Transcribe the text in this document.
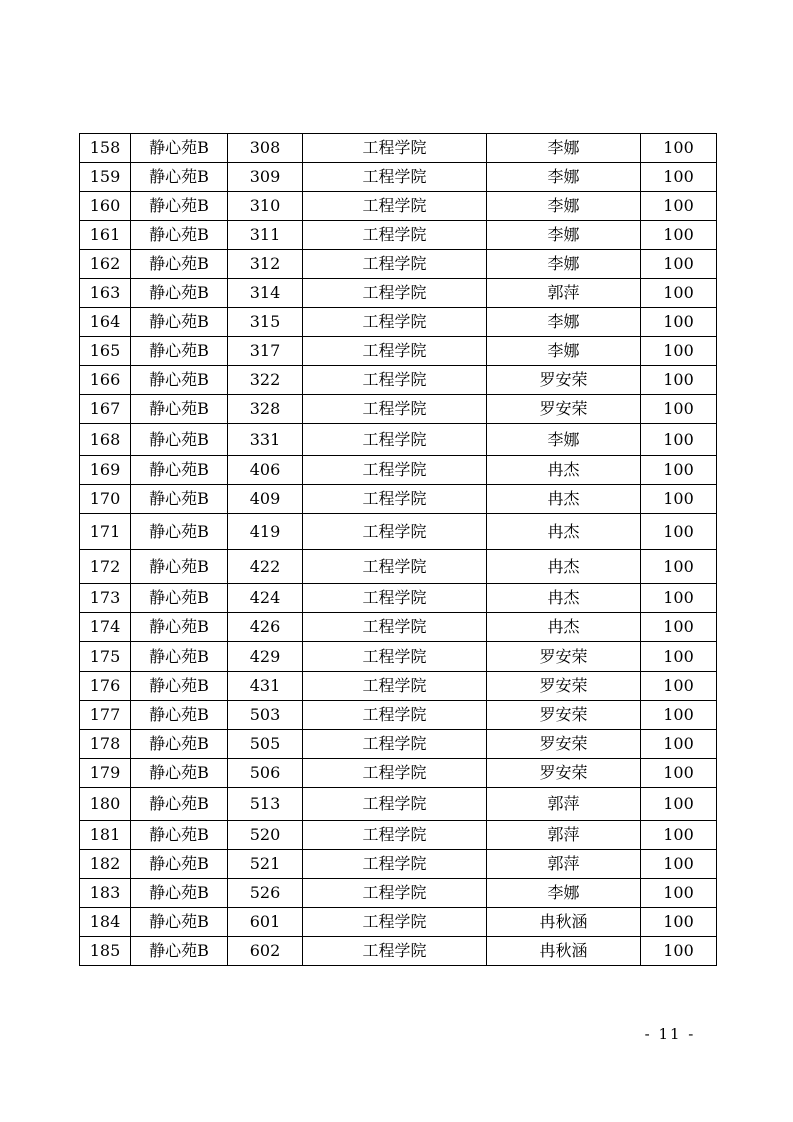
158	静心苑B	308	工程学院	李娜	100
159	静心苑B	309	工程学院	李娜	100
160	静心苑B	310	工程学院	李娜	100
161	静心苑B	311	工程学院	李娜	100
162	静心苑B	312	工程学院	李娜	100
163	静心苑B	314	工程学院	郭萍	100
164	静心苑B	315	工程学院	李娜	100
165	静心苑B	317	工程学院	李娜	100
166	静心苑B	322	工程学院	罗安荣	100
167	静心苑B	328	工程学院	罗安荣	100
168	静心苑B	331	工程学院	李娜	100
169	静心苑B	406	工程学院	冉杰	100
170	静心苑B	409	工程学院	冉杰	100
171	静心苑B	419	工程学院	冉杰	100
172	静心苑B	422	工程学院	冉杰	100
173	静心苑B	424	工程学院	冉杰	100
174	静心苑B	426	工程学院	冉杰	100
175	静心苑B	429	工程学院	罗安荣	100
176	静心苑B	431	工程学院	罗安荣	100
177	静心苑B	503	工程学院	罗安荣	100
178	静心苑B	505	工程学院	罗安荣	100
179	静心苑B	506	工程学院	罗安荣	100
180	静心苑B	513	工程学院	郭萍	100
181	静心苑B	520	工程学院	郭萍	100
182	静心苑B	521	工程学院	郭萍	100
183	静心苑B	526	工程学院	李娜	100
184	静心苑B	601	工程学院	冉秋涵	100
185	静心苑B	602	工程学院	冉秋涵	100
- 11 -
